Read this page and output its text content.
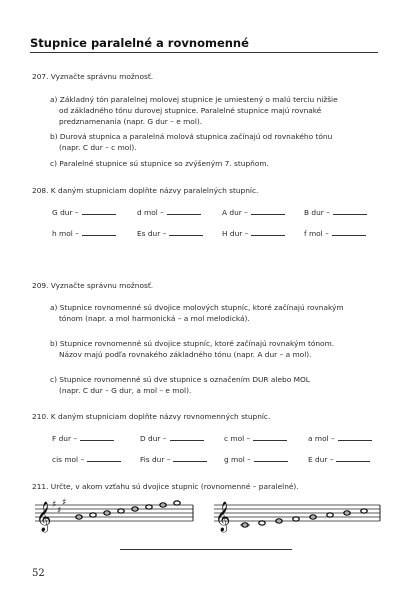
Stupnice paralelné a rovnomenné
207. Vyznačte správnu možnosť.
a) Základný tón paralelnej molovej stupnice je umiestený o malú terciu nižšie
od základného tónu durovej stupnice. Paralelné stupnice majú rovnaké
predznamenania (napr. G dur – e mol).
b) Durová stupnica a paralelná molová stupnica začínajú od rovnakého tónu
(napr. C dur – c mol).
c) Paralelné stupnice sú stupnice so zvýšeným 7. stupňom.
208. K daným stupniciam doplňte názvy paralelných stupníc.
G dur –	d mol –	A dur –	B dur –
h mol –	Es dur –	H dur –	f mol –
209. Vyznačte správnu možnosť.
a) Stupnice rovnomenné sú dvojice molových stupníc, ktoré začínajú rovnakým
tónom (napr. a mol harmonická – a mol melodická).
b) Stupnice rovnomenné sú dvojice stupníc, ktoré začínajú rovnakým tónom.
Názov majú podľa rovnakého základného tónu (napr. A dur – a mol).
c) Stupnice rovnomenné sú dve stupnice s označením DUR alebo MOL
(napr. C dur – G dur, a mol – e mol).
210. K daným stupniciam doplňte názvy rovnomenných stupníc.
F dur –	D dur –	c mol –	a mol –
cis mol –	Fis dur –	g mol –	E dur –
211. Určte, v akom vzťahu sú dvojice stupníc (rovnomenné – paralelné).
𝄞 ♯
♯
♯	𝄞
52
